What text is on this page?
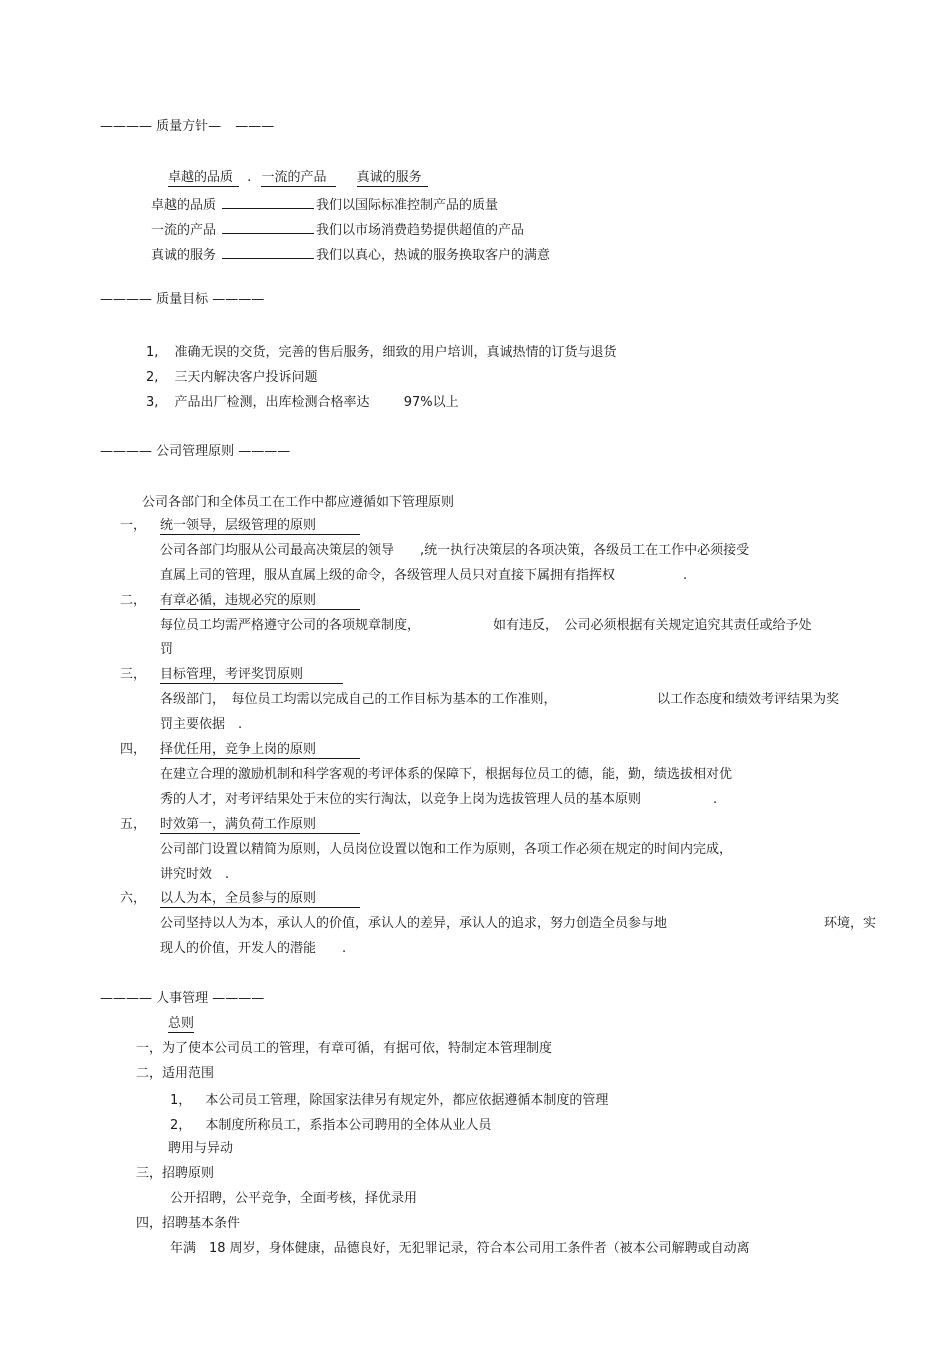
———— 质量方针— ———
卓越的品质 . 一流的产品 真诚的服务
卓越的品质	我们以国际标准控制产品的质量
一流的产品	我们以市场消费趋势提供超值的产品
真诚的服务	我们以真心，热诚的服务换取客户的满意
———— 质量目标 ————
1, 准确无误的交货，完善的售后服务，细致的用户培训，真诚热情的订货与退货
2, 三天内解决客户投诉问题
3, 产品出厂检测，出库检测合格率达	97%以上
———— 公司管理原则 ————
公司各部门和全体员工在工作中都应遵循如下管理原则
一， 统一领导，层级管理的原则
公司各部门均服从公司最高决策层的领导　　,统一执行决策层的各项决策，各级员工在工作中必须接受
直属上司的管理，服从直属上级的命令，各级管理人员只对直接下属拥有指挥权	.
二， 有章必循，违规必究的原则
每位员工均需严格遵守公司的各项规章制度，	如有违反，　公司必须根据有关规定追究其责任或给予处
罚
三， 目标管理，考评奖罚原则
各级部门，　每位员工均需以完成自己的工作目标为基本的工作准则，	以工作态度和绩效考评结果为奖
罚主要依据　.
四， 择优任用，竞争上岗的原则
在建立合理的激励机制和科学客观的考评体系的保障下，根据每位员工的德，能，勤，绩选拔相对优
秀的人才，对考评结果处于末位的实行淘汰，以竞争上岗为选拔管理人员的基本原则	.
五， 时效第一，满负荷工作原则
公司部门设置以精简为原则，人员岗位设置以饱和工作为原则，各项工作必须在规定的时间内完成，
讲究时效　.
六， 以人为本，全员参与的原则
公司坚持以人为本，承认人的价值，承认人的差异，承认人的追求，努力创造全员参与地	环境，实
现人的价值，开发人的潜能　　.
———— 人事管理 ————
总则
一，为了使本公司员工的管理，有章可循，有据可依，特制定本管理制度
二，适用范围
1， 本公司员工管理，除国家法律另有规定外，都应依据遵循本制度的管理
2， 本制度所称员工，系指本公司聘用的全体从业人员
聘用与异动
三，招聘原则
公开招聘，公平竞争，全面考核，择优录用
四，招聘基本条件
年满　18 周岁，身体健康，品德良好，无犯罪记录，符合本公司用工条件者（被本公司解聘或自动离
